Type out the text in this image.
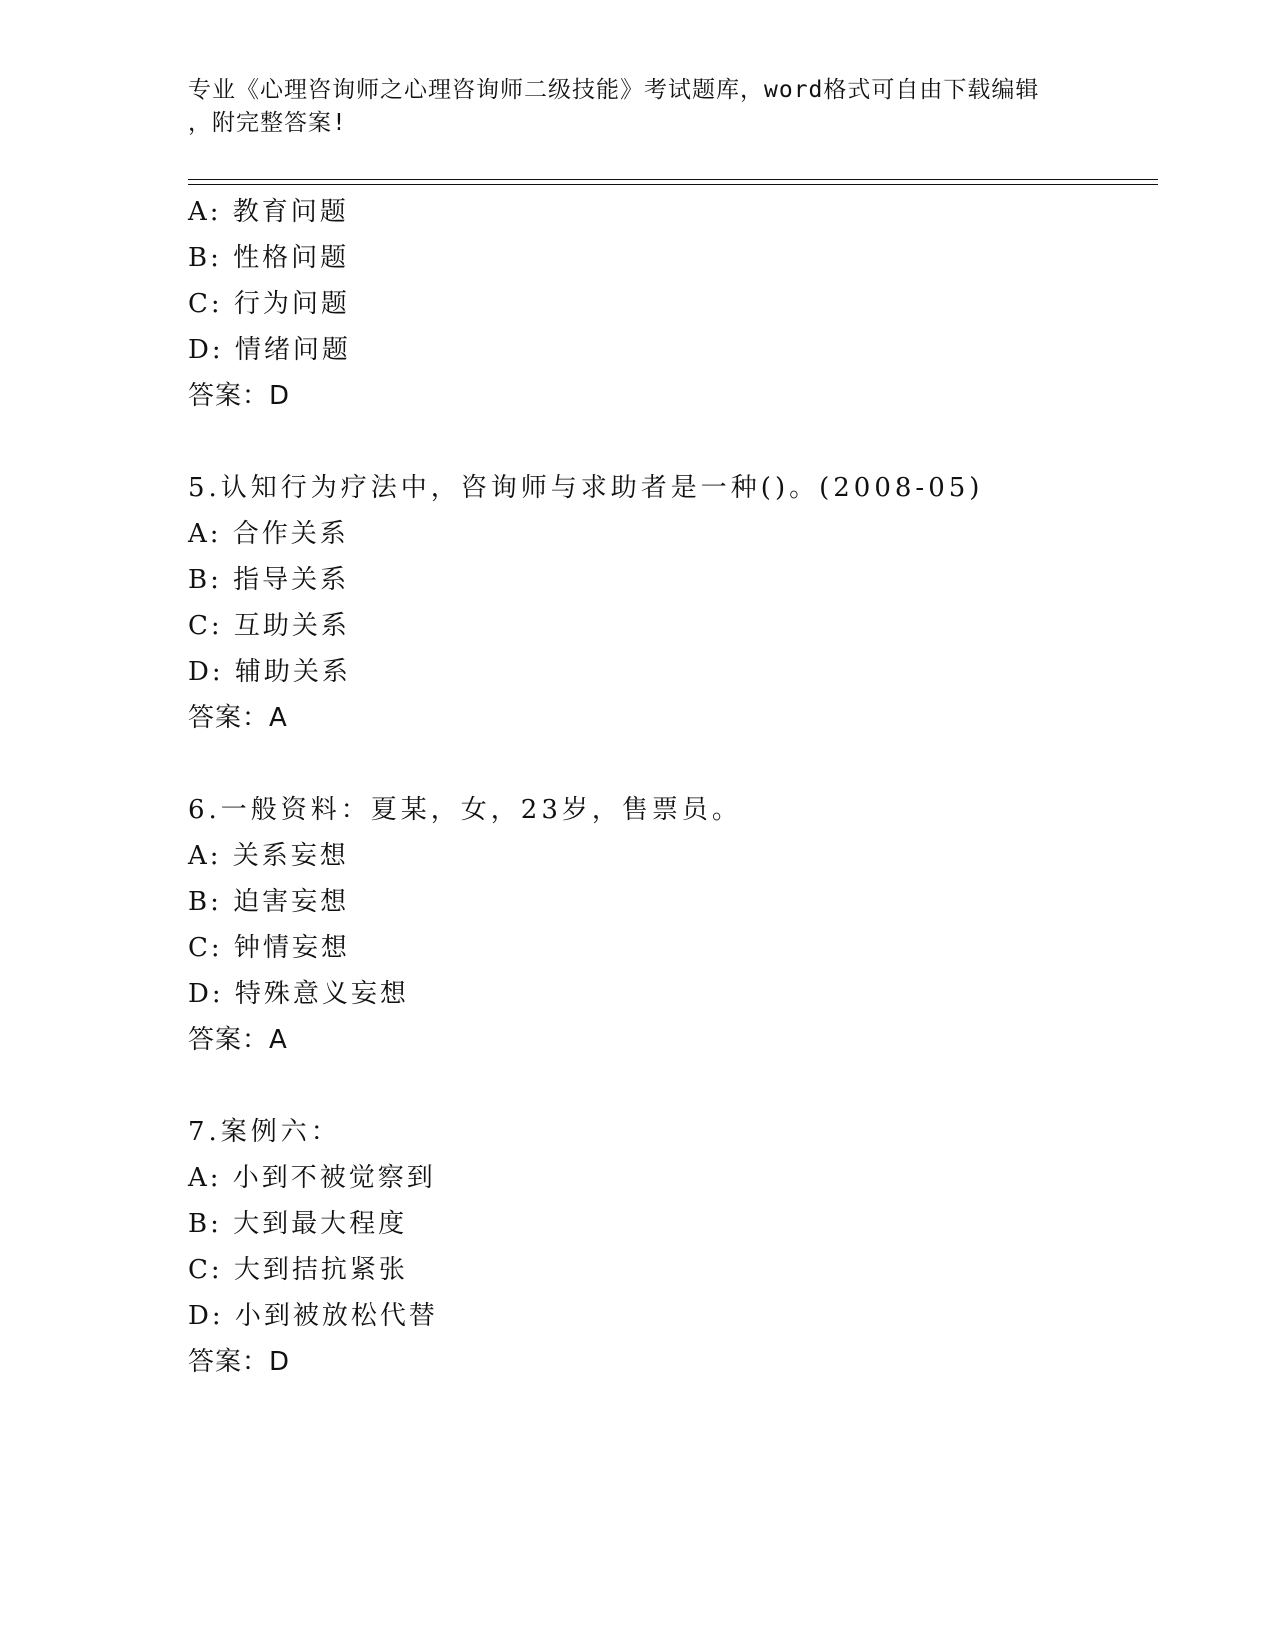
专业《心理咨询师之心理咨询师二级技能》考试题库，word格式可自由下载编辑
，附完整答案!
A: 教育问题
B: 性格问题
C: 行为问题
D: 情绪问题
答案：D
5.认知行为疗法中，咨询师与求助者是一种()。(2008-05)
A: 合作关系
B: 指导关系
C: 互助关系
D: 辅助关系
答案：A
6.一般资料：夏某，女，23岁，售票员。
A: 关系妄想
B: 迫害妄想
C: 钟情妄想
D: 特殊意义妄想
答案：A
7.案例六：
A: 小到不被觉察到
B: 大到最大程度
C: 大到拮抗紧张
D: 小到被放松代替
答案：D
